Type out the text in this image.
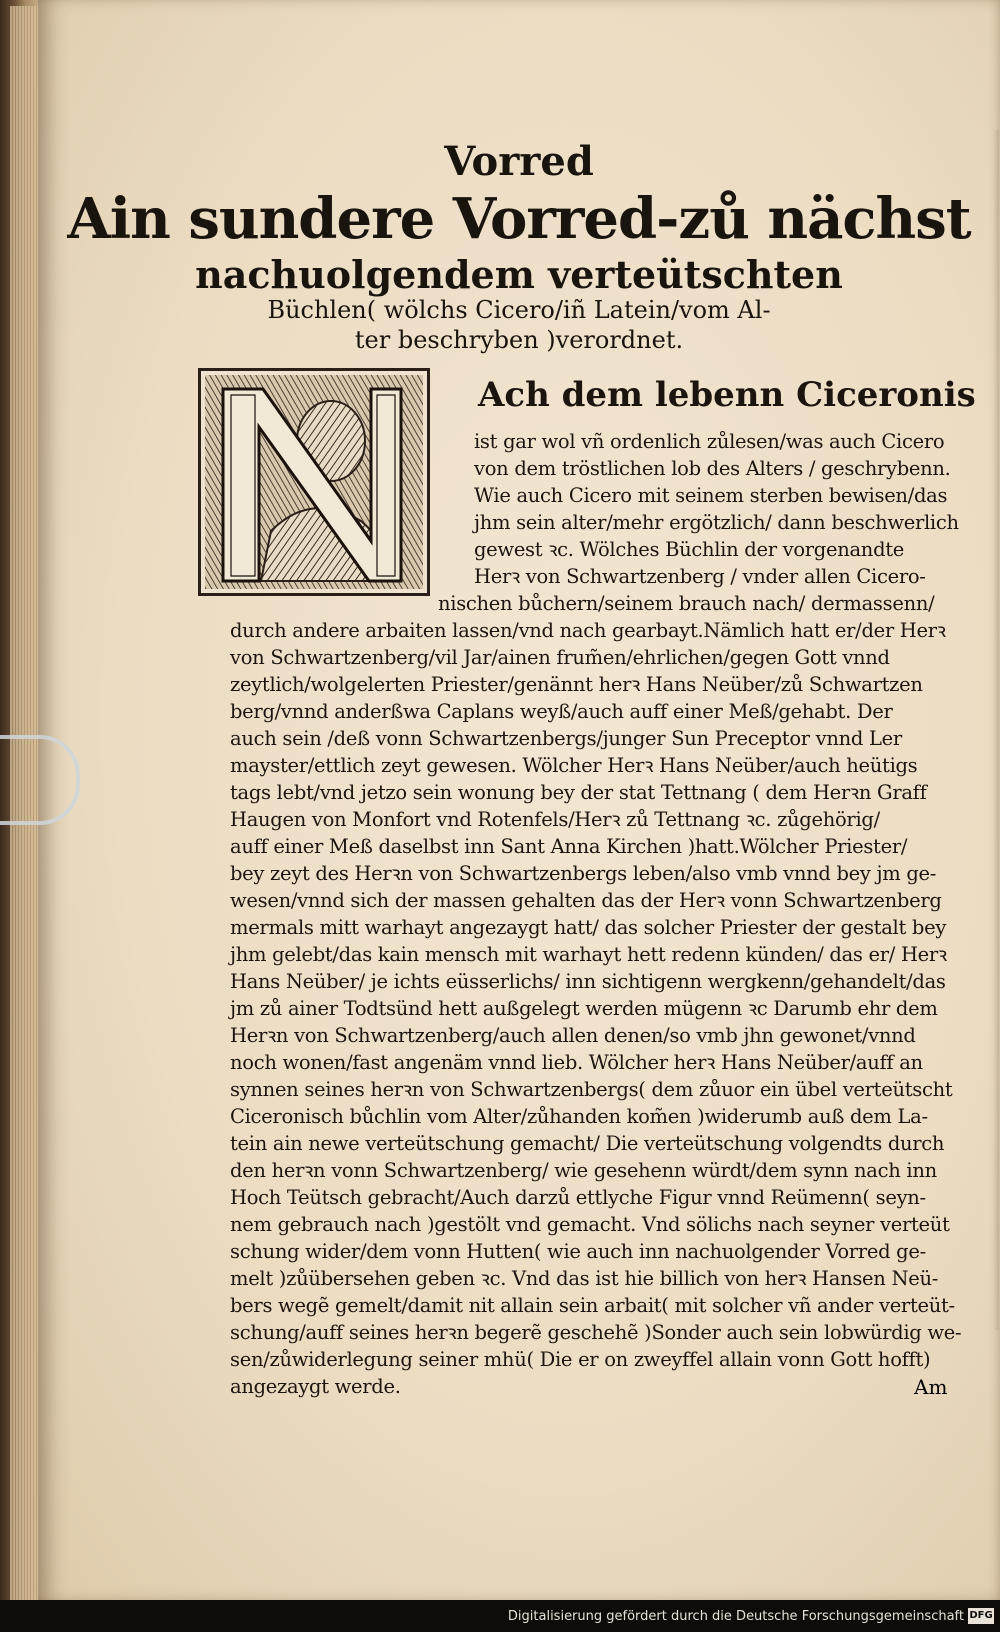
Vorred
Ain sundere Vorred-zů nächst
nachuolgendem verteütschten
Büchlen( wölchs Cicero/iñ Latein/vom Al-
ter beschryben )verordnet.
Ach dem lebenn Ciceronis
ist gar wol vñ ordenlich zůlesen/was auch Cicero
von dem tröstlichen lob des Alters / geschrybenn.
Wie auch Cicero mit seinem sterben bewisen/das
jhm sein alter/mehr ergötzlich/ dann beschwerlich
gewest ꝛc. Wölches Büchlin der vorgenandte
Herꝛ von Schwartzenberg / vnder allen Cicero-
nischen bůchern/seinem brauch nach/ dermassenn/
durch andere arbaiten lassen/vnd nach gearbayt.Nämlich hatt er/der Herꝛ
von Schwartzenberg/vil Jar/ainen frum̃en/ehrlichen/gegen Gott vnnd
zeytlich/wolgelerten Priester/genännt herꝛ Hans Neüber/zů Schwartzen
berg/vnnd anderßwa Caplans weyß/auch auff einer Meß/gehabt. Der
auch sein /deß vonn Schwartzenbergs/junger Sun Preceptor vnnd Ler
mayster/ettlich zeyt gewesen. Wölcher Herꝛ Hans Neüber/auch heütigs
tags lebt/vnd jetzo sein wonung bey der stat Tettnang ( dem Herꝛn Graff
Haugen von Monfort vnd Rotenfels/Herꝛ zů Tettnang ꝛc. zůgehörig/
auff einer Meß daselbst inn Sant Anna Kirchen )hatt.Wölcher Priester/
bey zeyt des Herꝛn von Schwartzenbergs leben/also vmb vnnd bey jm ge-
wesen/vnnd sich der massen gehalten das der Herꝛ vonn Schwartzenberg
mermals mitt warhayt angezaygt hatt/ das solcher Priester der gestalt bey
jhm gelebt/das kain mensch mit warhayt hett redenn künden/ das er/ Herꝛ
Hans Neüber/ je ichts eüsserlichs/ inn sichtigenn wergkenn/gehandelt/das
jm zů ainer Todtsünd hett außgelegt werden mügenn ꝛc Darumb ehr dem
Herꝛn von Schwartzenberg/auch allen denen/so vmb jhn gewonet/vnnd
noch wonen/fast angenäm vnnd lieb. Wölcher herꝛ Hans Neüber/auff an
synnen seines herꝛn von Schwartzenbergs( dem zůuor ein übel verteütscht
Ciceronisch bůchlin vom Alter/zůhanden kom̃en )widerumb auß dem La-
tein ain newe verteütschung gemacht/ Die verteütschung volgendts durch
den herꝛn vonn Schwartzenberg/ wie gesehenn würdt/dem synn nach inn
Hoch Teütsch gebracht/Auch darzů ettlyche Figur vnnd Reümenn( seyn-
nem gebrauch nach )gestölt vnd gemacht. Vnd sölichs nach seyner verteüt
schung wider/dem vonn Hutten( wie auch inn nachuolgender Vorred ge-
melt )zůübersehen geben ꝛc. Vnd das ist hie billich von herꝛ Hansen Neü-
bers wegẽ gemelt/damit nit allain sein arbait( mit solcher vñ ander verteüt-
schung/auff seines herꝛn begerẽ geschehẽ )Sonder auch sein lobwürdig we-
sen/zůwiderlegung seiner mhü( Die er on zweyffel allain vonn Gott hofft)
angezaygt werde.	Am
Digitalisierung gefördert durch die Deutsche Forschungsgemeinschaft DFG
